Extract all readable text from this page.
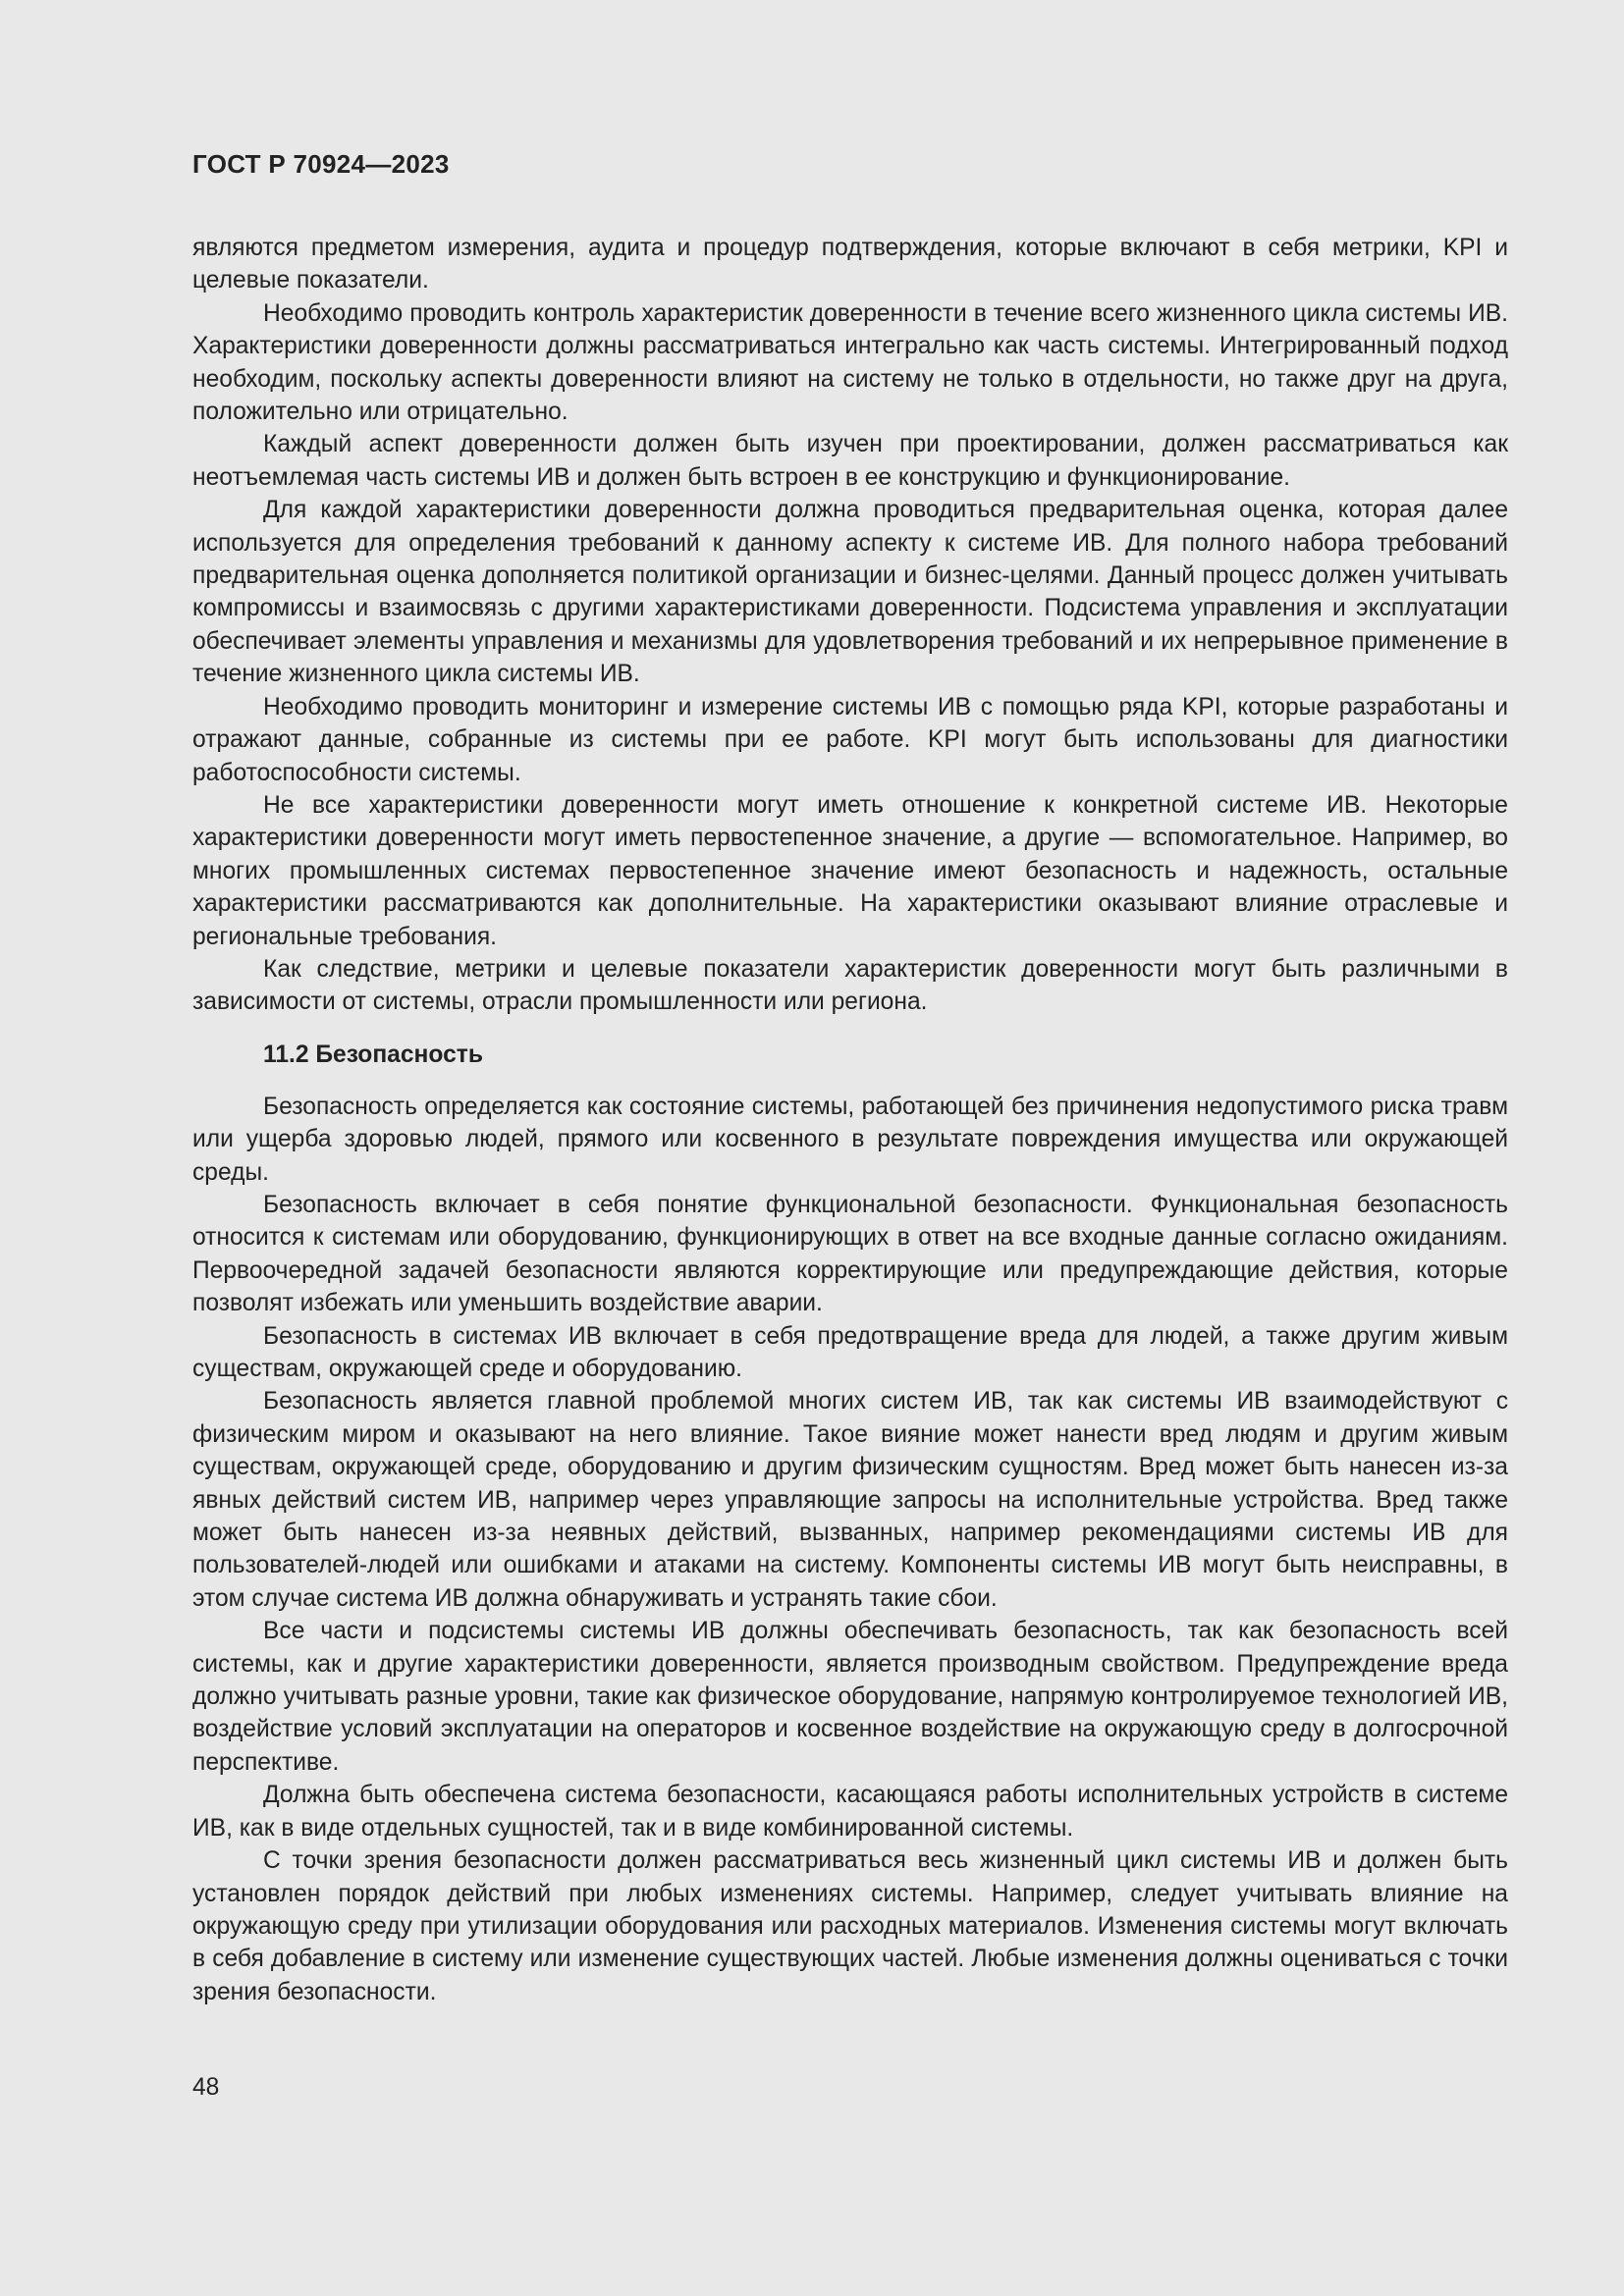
ГОСТ Р 70924—2023

являются предметом измерения, аудита и процедур подтверждения, которые включают в себя метрики, KPI и целевые показатели.

Необходимо проводить контроль характеристик доверенности в течение всего жизненного цикла системы ИВ. Характеристики доверенности должны рассматриваться интегрально как часть системы. Интегрированный подход необходим, поскольку аспекты доверенности влияют на систему не только в отдельности, но также друг на друга, положительно или отрицательно.

Каждый аспект доверенности должен быть изучен при проектировании, должен рассматриваться как неотъемлемая часть системы ИВ и должен быть встроен в ее конструкцию и функционирование.

Для каждой характеристики доверенности должна проводиться предварительная оценка, которая далее используется для определения требований к данному аспекту к системе ИВ. Для полного набора требований предварительная оценка дополняется политикой организации и бизнес-целями. Данный процесс должен учитывать компромиссы и взаимосвязь с другими характеристиками доверенности. Подсистема управления и эксплуатации обеспечивает элементы управления и механизмы для удовлетворения требований и их непрерывное применение в течение жизненного цикла системы ИВ.

Необходимо проводить мониторинг и измерение системы ИВ с помощью ряда KPI, которые разработаны и отражают данные, собранные из системы при ее работе. KPI могут быть использованы для диагностики работоспособности системы.

Не все характеристики доверенности могут иметь отношение к конкретной системе ИВ. Некоторые характеристики доверенности могут иметь первостепенное значение, а другие — вспомогательное. Например, во многих промышленных системах первостепенное значение имеют безопасность и надежность, остальные характеристики рассматриваются как дополнительные. На характеристики оказывают влияние отраслевые и региональные требования.

Как следствие, метрики и целевые показатели характеристик доверенности могут быть различными в зависимости от системы, отрасли промышленности или региона.

11.2 Безопасность

Безопасность определяется как состояние системы, работающей без причинения недопустимого риска травм или ущерба здоровью людей, прямого или косвенного в результате повреждения имущества или окружающей среды.

Безопасность включает в себя понятие функциональной безопасности. Функциональная безопасность относится к системам или оборудованию, функционирующих в ответ на все входные данные согласно ожиданиям. Первоочередной задачей безопасности являются корректирующие или предупреждающие действия, которые позволят избежать или уменьшить воздействие аварии.

Безопасность в системах ИВ включает в себя предотвращение вреда для людей, а также другим живым существам, окружающей среде и оборудованию.

Безопасность является главной проблемой многих систем ИВ, так как системы ИВ взаимодействуют с физическим миром и оказывают на него влияние. Такое вияние может нанести вред людям и другим живым существам, окружающей среде, оборудованию и другим физическим сущностям. Вред может быть нанесен из-за явных действий систем ИВ, например через управляющие запросы на исполнительные устройства. Вред также может быть нанесен из-за неявных действий, вызванных, например рекомендациями системы ИВ для пользователей-людей или ошибками и атаками на систему. Компоненты системы ИВ могут быть неисправны, в этом случае система ИВ должна обнаруживать и устранять такие сбои.

Все части и подсистемы системы ИВ должны обеспечивать безопасность, так как безопасность всей системы, как и другие характеристики доверенности, является производным свойством. Предупреждение вреда должно учитывать разные уровни, такие как физическое оборудование, напрямую контролируемое технологией ИВ, воздействие условий эксплуатации на операторов и косвенное воздействие на окружающую среду в долгосрочной перспективе.

Должна быть обеспечена система безопасности, касающаяся работы исполнительных устройств в системе ИВ, как в виде отдельных сущностей, так и в виде комбинированной системы.

С точки зрения безопасности должен рассматриваться весь жизненный цикл системы ИВ и должен быть установлен порядок действий при любых изменениях системы. Например, следует учитывать влияние на окружающую среду при утилизации оборудования или расходных материалов. Изменения системы могут включать в себя добавление в систему или изменение существующих частей. Любые изменения должны оцениваться с точки зрения безопасности.

48
